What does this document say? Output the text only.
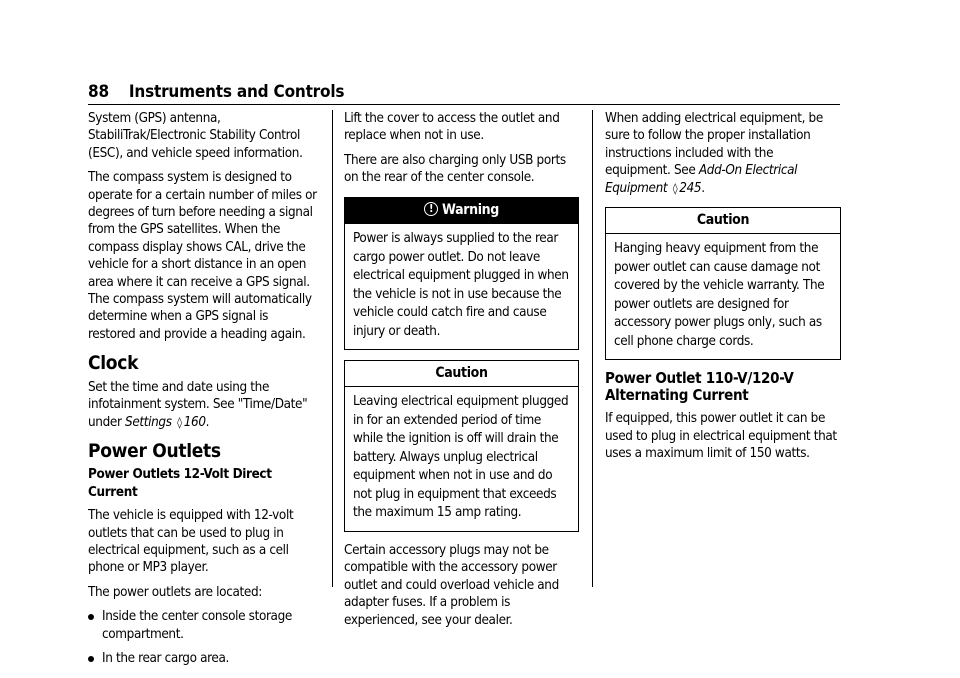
88 Instruments and Controls

System (GPS) antenna, StabiliTrak/Electronic Stability Control (ESC), and vehicle speed information.

The compass system is designed to operate for a certain number of miles or degrees of turn before needing a signal from the GPS satellites. When the compass display shows CAL, drive the vehicle for a short distance in an open area where it can receive a GPS signal. The compass system will automatically determine when a GPS signal is restored and provide a heading again.

Clock

Set the time and date using the infotainment system. See "Time/Date" under Settings ◊ 160.

Power Outlets
Power Outlets 12-Volt Direct Current

The vehicle is equipped with 12-volt outlets that can be used to plug in electrical equipment, such as a cell phone or MP3 player.

The power outlets are located:

Inside the center console storage compartment.
In the rear cargo area.

Lift the cover to access the outlet and replace when not in use.

There are also charging only USB ports on the rear of the center console.

!Warning
Power is always supplied to the rear cargo power outlet. Do not leave electrical equipment plugged in when the vehicle is not in use because the vehicle could catch fire and cause injury or death.
Caution
Leaving electrical equipment plugged in for an extended period of time while the ignition is off will drain the battery. Always unplug electrical equipment when not in use and do not plug in equipment that exceeds the maximum 15 amp rating.

Certain accessory plugs may not be compatible with the accessory power outlet and could overload vehicle and adapter fuses. If a problem is experienced, see your dealer.

When adding electrical equipment, be sure to follow the proper installation instructions included with the equipment. See Add-On Electrical Equipment ◊ 245.

Caution
Hanging heavy equipment from the power outlet can cause damage not covered by the vehicle warranty. The power outlets are designed for accessory power plugs only, such as cell phone charge cords.
Power Outlet 110-V/120-V Alternating Current

If equipped, this power outlet it can be used to plug in electrical equipment that uses a maximum limit of 150 watts.
